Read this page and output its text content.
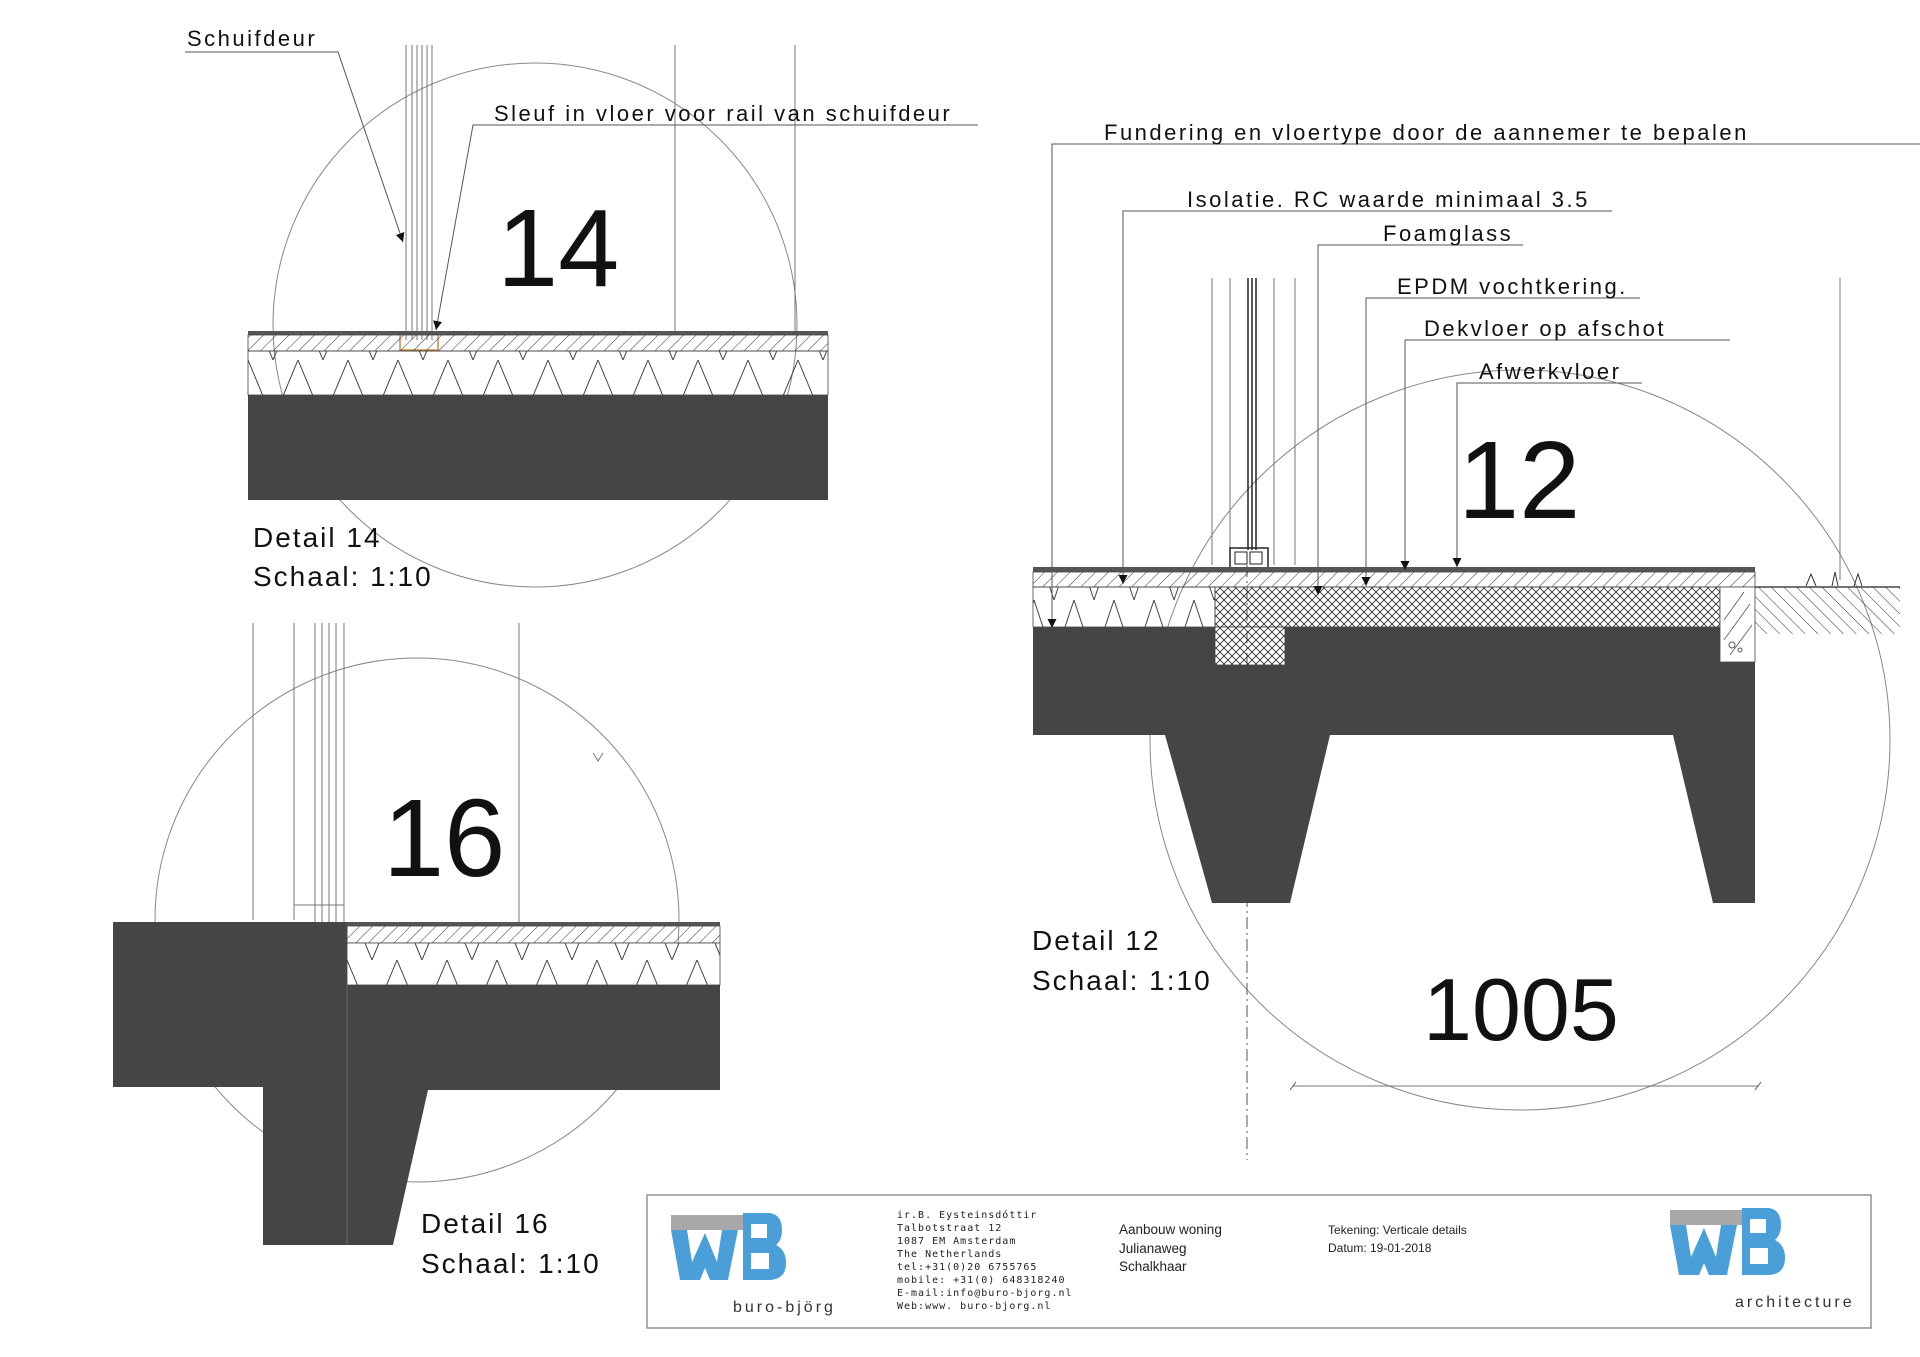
Schuifdeur
Sleuf in vloer voor rail van schuifdeur
14
Detail 14
Schaal: 1:10
16
Detail 16
Schaal: 1:10
Fundering en vloertype door de aannemer te bepalen
Isolatie. RC waarde minimaal 3.5
Foamglass
EPDM vochtkering.
Dekvloer op afschot
Afwerkvloer
12
Detail 12
Schaal: 1:10 1005
buro-björg
ir.B. Eysteinsdóttir
Talbotstraat 12
1087 EM Amsterdam
The Netherlands
tel:+31(0)20 6755765
mobile: +31(0) 648318240
E-mail:info@buro-bjorg.nl
Web:www. buro-bjorg.nl
Aanbouw woning
Julianaweg
Schalkhaar
Tekening: Verticale details
Datum: 19-01-2018
architecture
